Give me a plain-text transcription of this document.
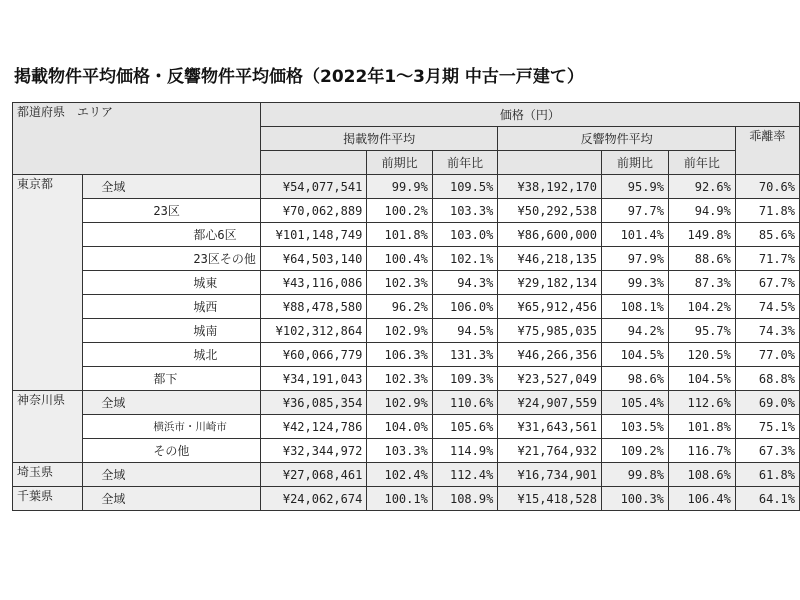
掲載物件平均価格・反響物件平均価格（2022年1〜3月期 中古一戸建て）
都道府県　エリア		価格（円）						
		掲載物件平均			反響物件平均			乖離率
			前期比	前年比		前期比	前年比	
東京都	全域	¥54,077,541	99.9%	109.5%	¥38,192,170	95.9%	92.6%	70.6%
	23区	¥70,062,889	100.2%	103.3%	¥50,292,538	97.7%	94.9%	71.8%
	都心6区	¥101,148,749	101.8%	103.0%	¥86,600,000	101.4%	149.8%	85.6%
	23区その他	¥64,503,140	100.4%	102.1%	¥46,218,135	97.9%	88.6%	71.7%
	城東	¥43,116,086	102.3%	94.3%	¥29,182,134	99.3%	87.3%	67.7%
	城西	¥88,478,580	96.2%	106.0%	¥65,912,456	108.1%	104.2%	74.5%
	城南	¥102,312,864	102.9%	94.5%	¥75,985,035	94.2%	95.7%	74.3%
	城北	¥60,066,779	106.3%	131.3%	¥46,266,356	104.5%	120.5%	77.0%
	都下	¥34,191,043	102.3%	109.3%	¥23,527,049	98.6%	104.5%	68.8%
神奈川県	全域	¥36,085,354	102.9%	110.6%	¥24,907,559	105.4%	112.6%	69.0%
	横浜市・川崎市	¥42,124,786	104.0%	105.6%	¥31,643,561	103.5%	101.8%	75.1%
	その他	¥32,344,972	103.3%	114.9%	¥21,764,932	109.2%	116.7%	67.3%
埼玉県	全域	¥27,068,461	102.4%	112.4%	¥16,734,901	99.8%	108.6%	61.8%
千葉県	全域	¥24,062,674	100.1%	108.9%	¥15,418,528	100.3%	106.4%	64.1%
